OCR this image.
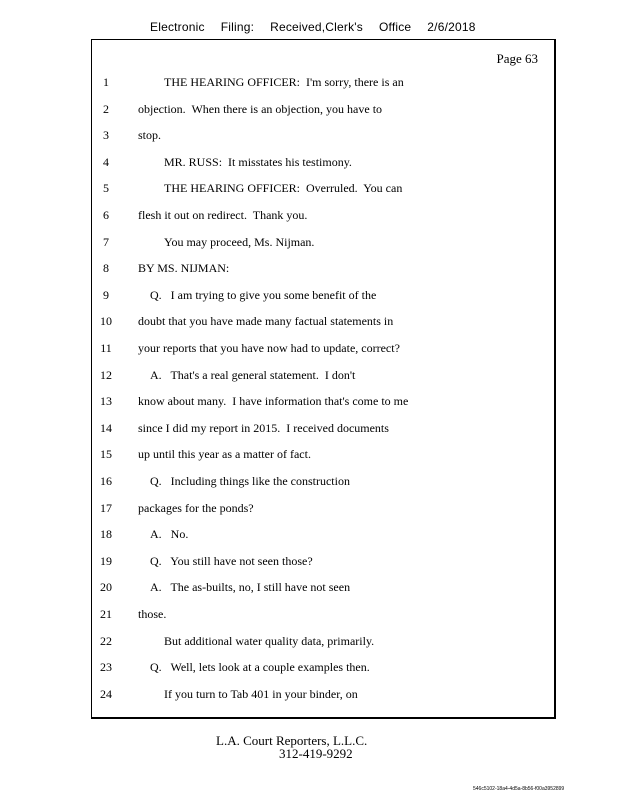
Electronic Filing: Received,Clerk's Office 2/6/2018
Page 63
1	THE HEARING OFFICER:  I'm sorry, there is an
2	objection.  When there is an objection, you have to
3	stop.
4	MR. RUSS:  It misstates his testimony.
5	THE HEARING OFFICER:  Overruled.  You can
6	flesh it out on redirect.  Thank you.
7	You may proceed, Ms. Nijman.
8	BY MS. NIJMAN:
9	Q.   I am trying to give you some benefit of the
10 doubt that you have made many factual statements in
11 your reports that you have now had to update, correct?
12	A.   That's a real general statement.  I don't
13 know about many.  I have information that's come to me
14 since I did my report in 2015.  I received documents
15 up until this year as a matter of fact.
16	Q.   Including things like the construction
17 packages for the ponds?
18	A.   No.
19	Q.   You still have not seen those?
20	A.   The as-builts, no, I still have not seen
21 those.
22	But additional water quality data, primarily.
23	Q.   Well, lets look at a couple examples then.
24	If you turn to Tab 401 in your binder, on
L.A. Court Reporters, L.L.C.
312-419-9292
546c5102-18a4-4d5a-8b56-f00a3952899
